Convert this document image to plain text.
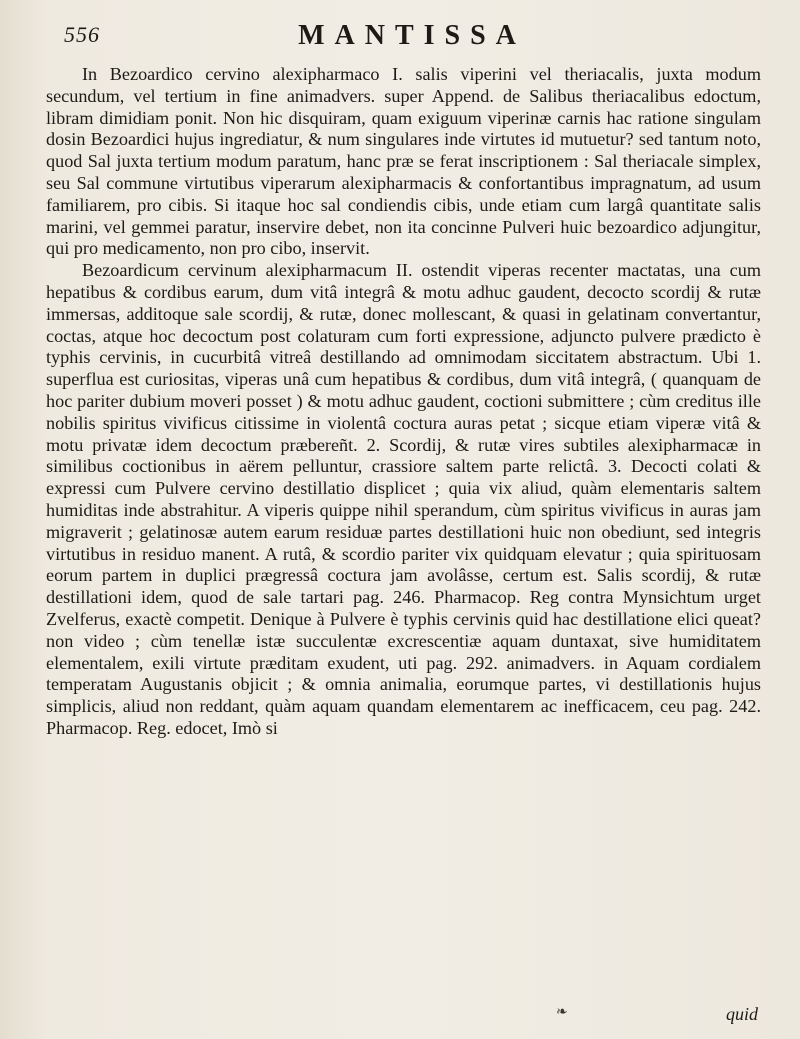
556	MANTISSA

In Bezoardico cervino alexipharmaco I. salis viperini vel theriacalis, juxta modum secundum, vel tertium in fine animadvers. super Append. de Salibus theriacalibus edoctum, libram dimidiam ponit. Non hic disquiram, quam exiguum viperinæ carnis hac ratione singulam dosin Bezoardici hujus ingrediatur, & num singulares inde virtutes id mutuetur? sed tantum noto, quod Sal juxta tertium modum paratum, hanc præ se ferat inscriptionem : Sal theriacale simplex, seu Sal commune virtutibus viperarum alexipharmacis & confortantibus impragnatum, ad usum familiarem, pro cibis. Si itaque hoc sal condiendis cibis, unde etiam cum largâ quantitate salis marini, vel gemmei paratur, inservire debet, non ita concinne Pulveri huic bezoardico adjungitur, qui pro medicamento, non pro cibo, inservit.

Bezoardicum cervinum alexipharmacum II. ostendit viperas recenter mactatas, una cum hepatibus & cordibus earum, dum vitâ integrâ & motu adhuc gaudent, decocto scordij & rutæ immersas, additoque sale scordij, & rutæ, donec mollescant, & quasi in gelatinam convertantur, coctas, atque hoc decoctum post colaturam cum forti expressione, adjuncto pulvere prædicto è typhis cervinis, in cucurbitâ vitreâ destillando ad omnimodam siccitatem abstractum. Ubi 1. superflua est curiositas, viperas unâ cum hepatibus & cordibus, dum vitâ integrâ, ( quanquam de hoc pariter dubium moveri posset ) & motu adhuc gaudent, coctioni submittere ; cùm creditus ille nobilis spiritus vivificus citissime in violentâ coctura auras petat ; sicque etiam viperæ vitâ & motu privatæ idem decoctum præbereñt. 2. Scordij, & rutæ vires subtiles alexipharmacæ in similibus coctionibus in aërem pelluntur, crassiore saltem parte relictâ. 3. Decocti colati & expressi cum Pulvere cervino destillatio displicet ; quia vix aliud, quàm elementaris saltem humiditas inde abstrahitur. A viperis quippe nihil sperandum, cùm spiritus vivificus in auras jam migraverit ; gelatinosæ autem earum residuæ partes destillationi huic non obediunt, sed integris virtutibus in residuo manent. A rutâ, & scordio pariter vix quidquam elevatur ; quia spirituosam eorum partem in duplici prægressâ coctura jam avolâsse, certum est. Salis scordij, & rutæ destillationi idem, quod de sale tartari pag. 246. Pharmacop. Reg contra Mynsichtum urget Zvelferus, exactè competit. Denique à Pulvere è typhis cervinis quid hac destillatione elici queat? non video ; cùm tenellæ istæ succulentæ excrescentiæ aquam duntaxat, sive humiditatem elementalem, exili virtute præditam exudent, uti pag. 292. animadvers. in Aquam cordialem temperatam Augustanis objicit ; & omnia animalia, eorumque partes, vi destillationis hujus simplicis, aliud non reddant, quàm aquam quandam elementarem ac inefficacem, ceu pag. 242. Pharmacop. Reg. edocet, Imò si

❧	quid
